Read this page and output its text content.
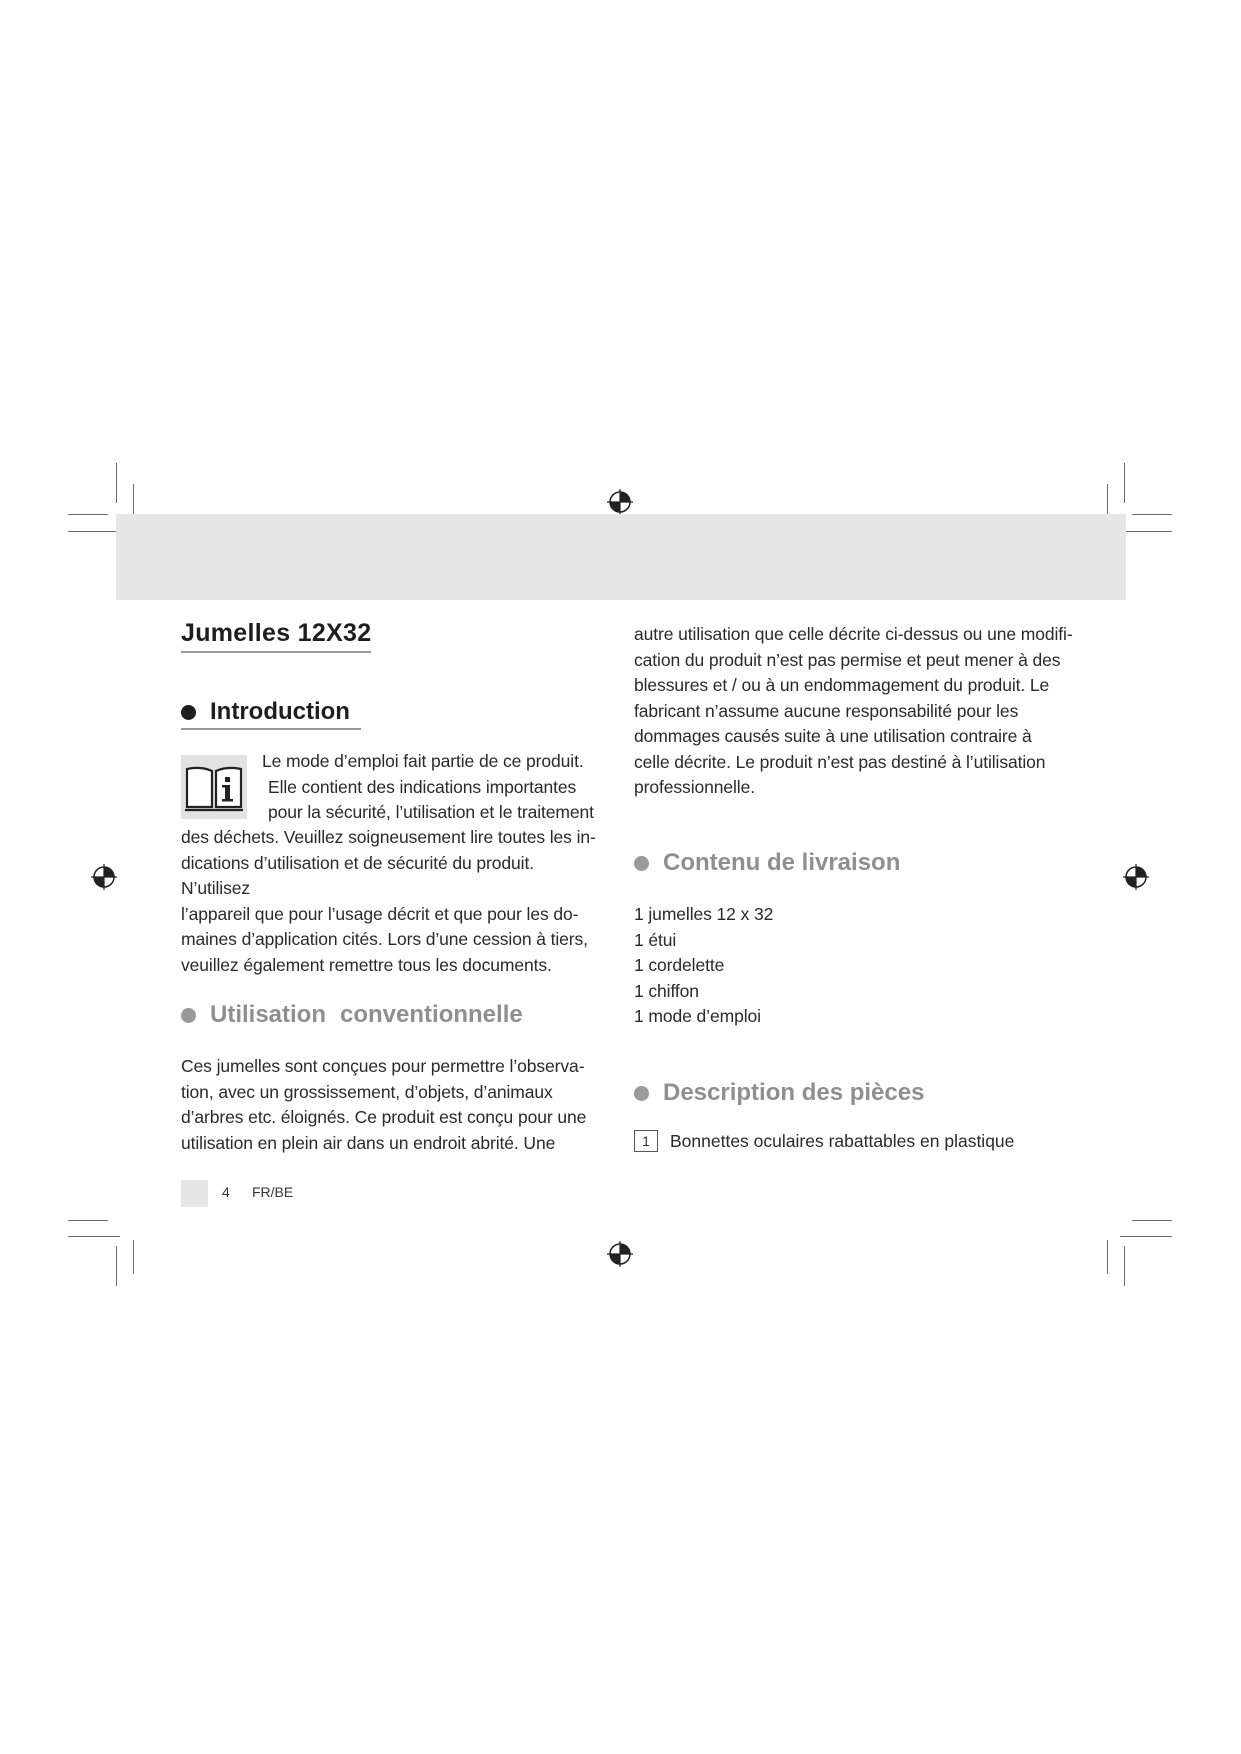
Jumelles 12X32
Introduction

Le mode d’emploi fait partie de ce produit.

Elle contient des indications importantes

pour la sécurité, l’utilisation et le traitement

des déchets. Veuillez soigneusement lire toutes les in-

dications d’utilisation et de sécurité du produit. N’utilisez

l’appareil que pour l’usage décrit et que pour les do-

maines d’application cités. Lors d’une cession à tiers,

veuillez également remettre tous les documents.

Utilisation conventionnelle

Ces jumelles sont conçues pour permettre l’observa-

tion, avec un grossissement, d’objets, d’animaux

d’arbres etc. éloignés. Ce produit est conçu pour une

utilisation en plein air dans un endroit abrité. Une

autre utilisation que celle décrite ci-dessus ou une modifi-

cation du produit n’est pas permise et peut mener à des

blessures et / ou à un endommagement du produit. Le

fabricant n’assume aucune responsabilité pour les

dommages causés suite à une utilisation contraire à

celle décrite. Le produit n’est pas destiné à l’utilisation

professionnelle.

Contenu de livraison
1 jumelles 12 x 32
1 étui
1 cordelette
1 chiffon
1 mode d’emploi
Description des pièces
1	Bonnettes oculaires rabattables en plastique
4 FR/BE
